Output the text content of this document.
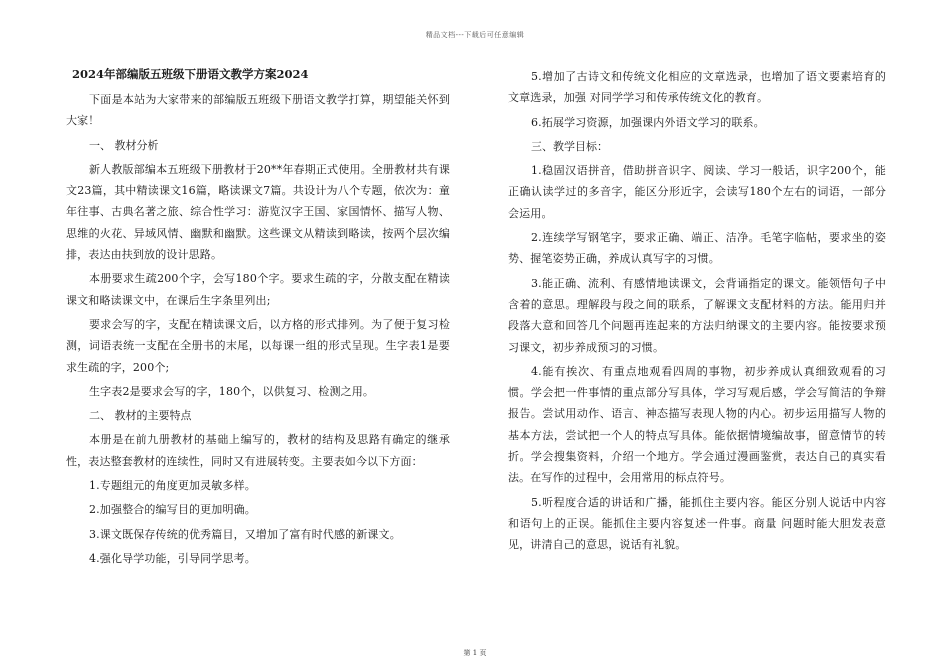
精品文档---下载后可任意编辑
2024年部编版五班级下册语文教学方案2024
下面是本站为大家带来的部编版五班级下册语文教学打算，期望能关怀到大家！
一、 教材分析
新人教版部编本五班级下册教材于20**年春期正式使用。全册教材共有课文23篇，其中精读课文16篇，略读课文7篇。共设计为八个专题，依次为：童年往事、古典名著之旅、综合性学习：游览汉字王国、家国情怀、描写人物、思维的火花、异域风情、幽默和幽默。这些课文从精读到略读，按两个层次编排，表达由扶到放的设计思路。
本册要求生疏200个字，会写180个字。要求生疏的字，分散支配在精读课文和略读课文中，在课后生字条里列出;
要求会写的字，支配在精读课文后，以方格的形式排列。为了便于复习检测，词语表统一支配在全册书的末尾，以每课一组的形式呈现。生字表1是要求生疏的字，200个;
生字表2是要求会写的字，180个，以供复习、检测之用。
二、 教材的主要特点
本册是在前九册教材的基础上编写的，教材的结构及思路有确定的继承性，表达整套教材的连续性，同时又有进展转变。主要表如今以下方面：
1.专题组元的角度更加灵敏多样。
2.加强整合的编写目的更加明确。
3.课文既保存传统的优秀篇目，又增加了富有时代感的新课文。
4.强化导学功能，引导同学思考。
5.增加了古诗文和传统文化相应的文章选录，也增加了语文要素培育的文章选录，加强 对同学学习和传承传统文化的教育。
6.拓展学习资源，加强课内外语文学习的联系。
三、教学目标：
1.稳固汉语拼音，借助拼音识字、阅读、学习一般话，识字200个，能正确认读学过的多音字，能区分形近字，会读写180个左右的词语，一部分会运用。
2.连续学写钢笔字，要求正确、端正、洁净。毛笔字临帖，要求坐的姿势、握笔姿势正确，养成认真写字的习惯。
3.能正确、流利、有感情地读课文，会背诵指定的课文。能领悟句子中含着的意思。理解段与段之间的联系，了解课文支配材料的方法。能用归并段落大意和回答几个问题再连起来的方法归纳课文的主要内容。能按要求预习课文，初步养成预习的习惯。
4.能有挨次、有重点地观看四周的事物，初步养成认真细致观看的习惯。学会把一件事情的重点部分写具体，学习写观后感，学会写简洁的争辩报告。尝试用动作、语言、神态描写表现人物的内心。初步运用描写人物的基本方法，尝试把一个人的特点写具体。能依据情境编故事，留意情节的转折。学会搜集资料，介绍一个地方。学会通过漫画鉴赏，表达自己的真实看法。在写作的过程中，会用常用的标点符号。
5.听程度合适的讲话和广播，能抓住主要内容。能区分别人说话中内容和语句上的正误。能抓住主要内容复述一件事。商量 问题时能大胆发表意见，讲清自己的意思，说话有礼貌。
第 1 页
